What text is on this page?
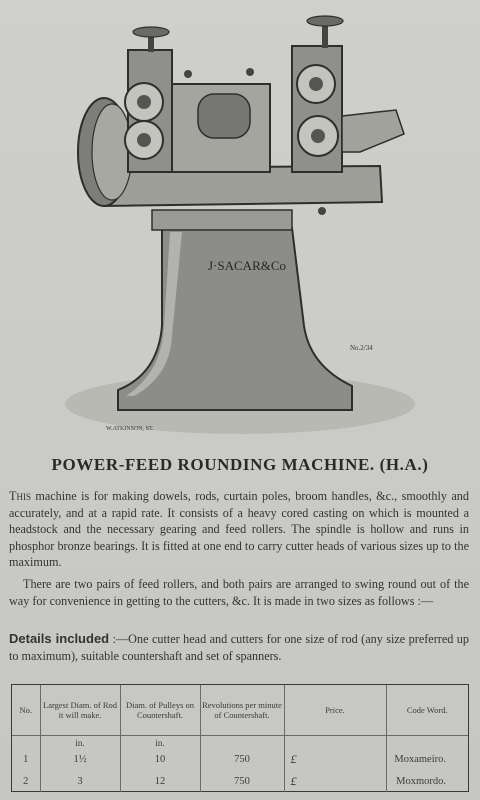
J·SACAR&Co
No.2/34
W.ATKINSON, ST.
POWER-FEED ROUNDING MACHINE. (H.A.)
This machine is for making dowels, rods, curtain poles, broom handles, &c., smoothly and accurately, and at a rapid rate. It consists of a heavy cored casting on which is mounted a headstock and the necessary gearing and feed rollers. The spindle is hollow and runs in phosphor bronze bearings. It is fitted at one end to carry cutter heads of various sizes up to the maximum.
There are two pairs of feed rollers, and both pairs are arranged to swing round out of the way for convenience in getting to the cutters, &c. It is made in two sizes as follows :—
Details included :—One cutter head and cutters for one size of rod (any size preferred up to maximum), suitable countershaft and set of spanners.
No.	Largest Diam. of Rod it will make.	Diam. of Pulleys on Countershaft.	Revolutions per minute of Countershaft.	Price.	Code Word.
	in.	in.			
1	1½	10	750	£	Moxameiro.
2	3	12	750	£	Moxmordo.
